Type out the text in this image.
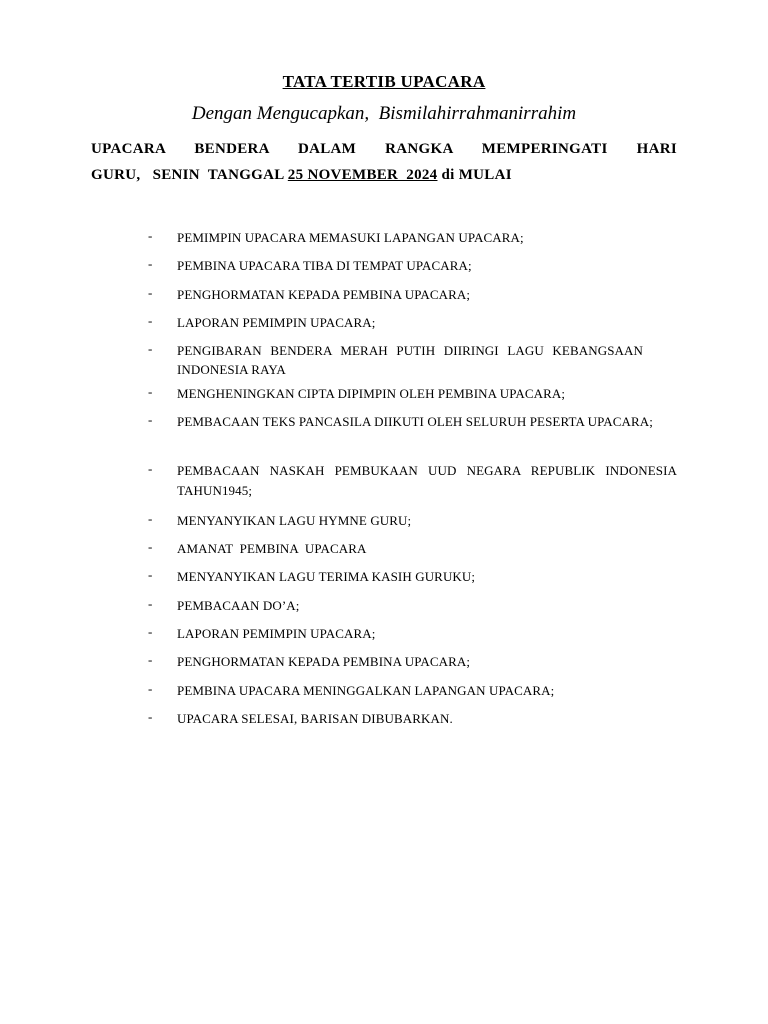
TATA TERTIB UPACARA
Dengan Mengucapkan,  Bismilahirrahmanirrahim
UPACARA BENDERA DALAM RANGKA MEMPERINGATI HARI
GURU,   SENIN  TANGGAL 25 NOVEMBER  2024 di MULAI
- PEMIMPIN UPACARA MEMASUKI LAPANGAN UPACARA;
- PEMBINA UPACARA TIBA DI TEMPAT UPACARA;
- PENGHORMATAN KEPADA PEMBINA UPACARA;
- LAPORAN PEMIMPIN UPACARA;
- PENGIBARAN BENDERA MERAH PUTIH DIIRINGI LAGU KEBANGSAAN INDONESIA RAYA
- MENGHENINGKAN CIPTA DIPIMPIN OLEH PEMBINA UPACARA;
- PEMBACAAN TEKS PANCASILA DIIKUTI OLEH SELURUH PESERTA UPACARA;
- PEMBACAAN NASKAH PEMBUKAAN UUD NEGARA REPUBLIK INDONESIA TAHUN1945;
- MENYANYIKAN LAGU HYMNE GURU;
- AMANAT  PEMBINA  UPACARA
- MENYANYIKAN LAGU TERIMA KASIH GURUKU;
- PEMBACAAN DO’A;
- LAPORAN PEMIMPIN UPACARA;
- PENGHORMATAN KEPADA PEMBINA UPACARA;
- PEMBINA UPACARA MENINGGALKAN LAPANGAN UPACARA;
- UPACARA SELESAI, BARISAN DIBUBARKAN.
